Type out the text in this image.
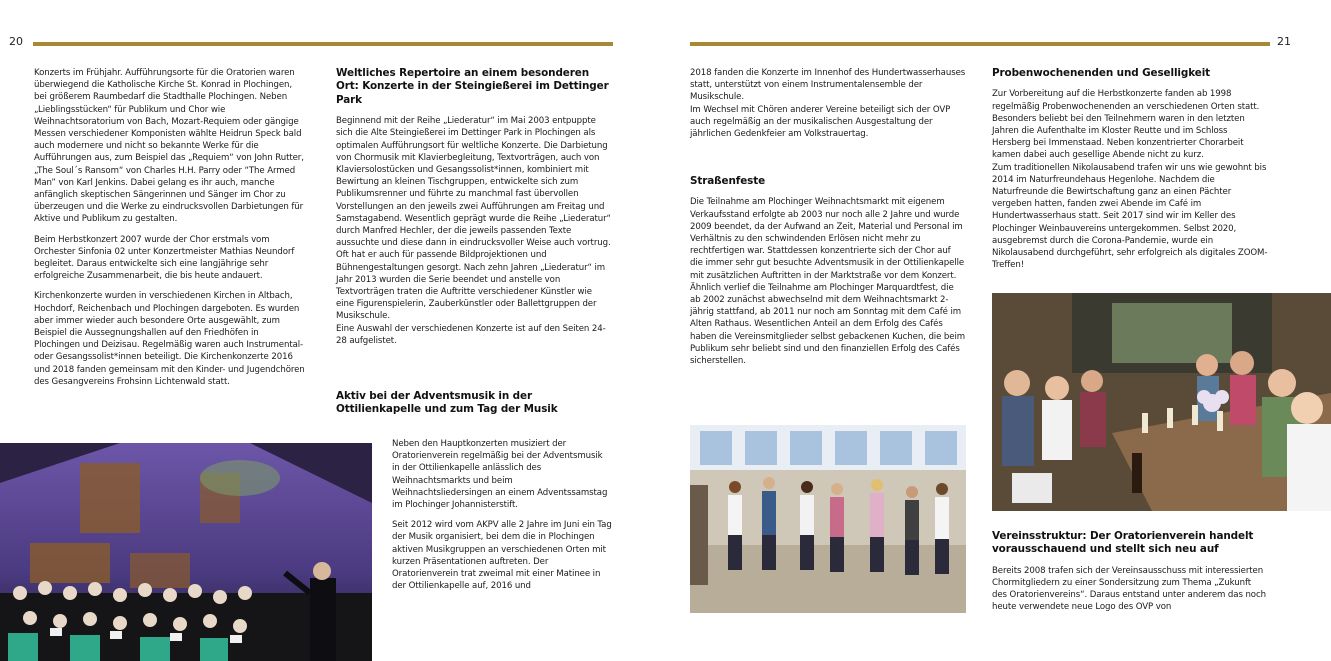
20

Konzerts im Frühjahr. Aufführungsorte für die Oratorien waren überwiegend die Katholische Kirche St. Konrad in Plochingen, bei größerem Raumbedarf die Stadthalle Plochingen. Neben „Lieblingsstücken“ für Publikum und Chor wie Weihnachtsoratorium von Bach, Mozart-Requiem oder gängige Messen verschiedener Komponisten wählte Heidrun Speck bald auch modernere und nicht so bekannte Werke für die Aufführungen aus, zum Beispiel das „Requiem“ von John Rutter, „The Soul´s Ransom“ von Charles H.H. Parry oder “The Armed Man” von Karl Jenkins. Dabei gelang es ihr auch, manche anfänglich skeptischen Sängerinnen und Sänger im Chor zu überzeugen und die Werke zu eindrucksvollen Darbietungen für Aktive und Publikum zu gestalten.

Beim Herbstkonzert 2007 wurde der Chor erstmals vom Orchester Sinfonia 02 unter Konzertmeister Mathias Neundorf begleitet. Daraus entwickelte sich eine langjährige sehr erfolgreiche Zusammenarbeit, die bis heute andauert.

Kirchenkonzerte wurden in verschiedenen Kirchen in Altbach, Hochdorf, Reichenbach und Plochingen dargeboten. Es wurden aber immer wieder auch besondere Orte ausgewählt, zum Beispiel die Aussegnungshallen auf den Friedhöfen in Plochingen und Deizisau. Regelmäßig waren auch Instrumental- oder Gesangssolist*innen beteiligt. Die Kirchenkonzerte 2016 und 2018 fanden gemeinsam mit den Kinder- und Jugendchören des Gesangvereins Frohsinn Lichtenwald statt.

Weltliches Repertoire an einem besonderen Ort: Konzerte in der Steingießerei im Dettinger Park

Beginnend mit der Reihe „Liederatur“ im Mai 2003 entpuppte sich die Alte Steingießerei im Dettinger Park in Plochingen als optimalen Aufführungsort für weltliche Konzerte. Die Darbietung von Chormusik mit Klavierbegleitung, Textvorträgen, auch von Klaviersolostücken und Gesangssolist*innen, kombiniert mit Bewirtung an kleinen Tischgruppen, entwickelte sich zum Publikumsrenner und führte zu manchmal fast übervollen Vorstellungen an den jeweils zwei Aufführungen am Freitag und Samstagabend. Wesentlich geprägt wurde die Reihe „Liederatur“ durch Manfred Hechler, der die jeweils passenden Texte aussuchte und diese dann in eindrucksvoller Weise auch vortrug. Oft hat er auch für passende Bildprojektionen und Bühnengestaltungen gesorgt. Nach zehn Jahren „Liederatur“ im Jahr 2013 wurden die Serie beendet und anstelle von Textvorträgen traten die Auftritte verschiedener Künstler wie eine Figurenspielerin, Zauberkünstler oder Ballettgruppen der Musikschule.

Eine Auswahl der verschiedenen Konzerte ist auf den Seiten 24-28 aufgelistet.

Aktiv bei der Adventsmusik in der Ottilienkapelle und zum Tag der Musik

Neben den Hauptkonzerten musiziert der Oratorienverein regelmäßig bei der Adventsmusik in der Ottilienkapelle anlässlich des Weihnachtsmarkts und beim Weihnachtsliedersingen an einem Adventssamstag im Plochinger Johannisterstift.

Seit 2012 wird vom AKPV alle 2 Jahre im Juni ein Tag der Musik organisiert, bei dem die in Plochingen aktiven Musikgruppen an verschiedenen Orten mit kurzen Präsentationen auftreten. Der Oratorienverein trat zweimal mit einer Matinee in der Ottilienkapelle auf, 2016 und

21

2018 fanden die Konzerte im Innenhof des Hundertwasserhauses statt, unterstützt von einem Instrumentalensemble der Musikschule.

Im Wechsel mit Chören anderer Vereine beteiligt sich der OVP auch regelmäßig an der musikalischen Ausgestaltung der jährlichen Gedenkfeier am Volkstrauertag.

Straßenfeste

Die Teilnahme am Plochinger Weihnachtsmarkt mit eigenem Verkaufsstand erfolgte ab 2003 nur noch alle 2 Jahre und wurde 2009 beendet, da der Aufwand an Zeit, Material und Personal im Verhältnis zu den schwindenden Erlösen nicht mehr zu rechtfertigen war. Stattdessen konzentrierte sich der Chor auf die immer sehr gut besuchte Adventsmusik in der Ottilienkapelle mit zusätzlichen Auftritten in der Marktstraße vor dem Konzert.

Ähnlich verlief die Teilnahme am Plochinger Marquardtfest, die ab 2002 zunächst abwechselnd mit dem Weihnachtsmarkt 2-jährig stattfand, ab 2011 nur noch am Sonntag mit dem Café im Alten Rathaus. Wesentlichen Anteil an dem Erfolg des Cafés haben die Vereinsmitglieder selbst gebackenen Kuchen, die beim Publikum sehr beliebt sind und den finanziellen Erfolg des Cafés sicherstellen.

Probenwochenenden und Geselligkeit

Zur Vorbereitung auf die Herbstkonzerte fanden ab 1998 regelmäßig Probenwochenenden an verschiedenen Orten statt. Besonders beliebt bei den Teilnehmern waren in den letzten Jahren die Aufenthalte im Kloster Reutte und im Schloss Hersberg bei Immenstaad. Neben konzentrierter Chorarbeit kamen dabei auch gesellige Abende nicht zu kurz.

Zum traditionellen Nikolausabend trafen wir uns wie gewohnt bis 2014 im Naturfreundehaus Hegenlohe. Nachdem die Naturfreunde die Bewirtschaftung ganz an einen Pächter vergeben hatten, fanden zwei Abende im Café im Hundertwasserhaus statt. Seit 2017 sind wir im Keller des Plochinger Weinbauvereins untergekommen. Selbst 2020, ausgebremst durch die Corona-Pandemie, wurde ein Nikolausabend durchgeführt, sehr erfolgreich als digitales ZOOM-Treffen!

Vereinsstruktur: Der Oratorienverein handelt vorausschauend und stellt sich neu auf

Bereits 2008 trafen sich der Vereinsausschuss mit interessierten Chormitgliedern zu einer Sondersitzung zum Thema „Zukunft des Oratorienvereins“. Daraus entstand unter anderem das noch heute verwendete neue Logo des OVP von
